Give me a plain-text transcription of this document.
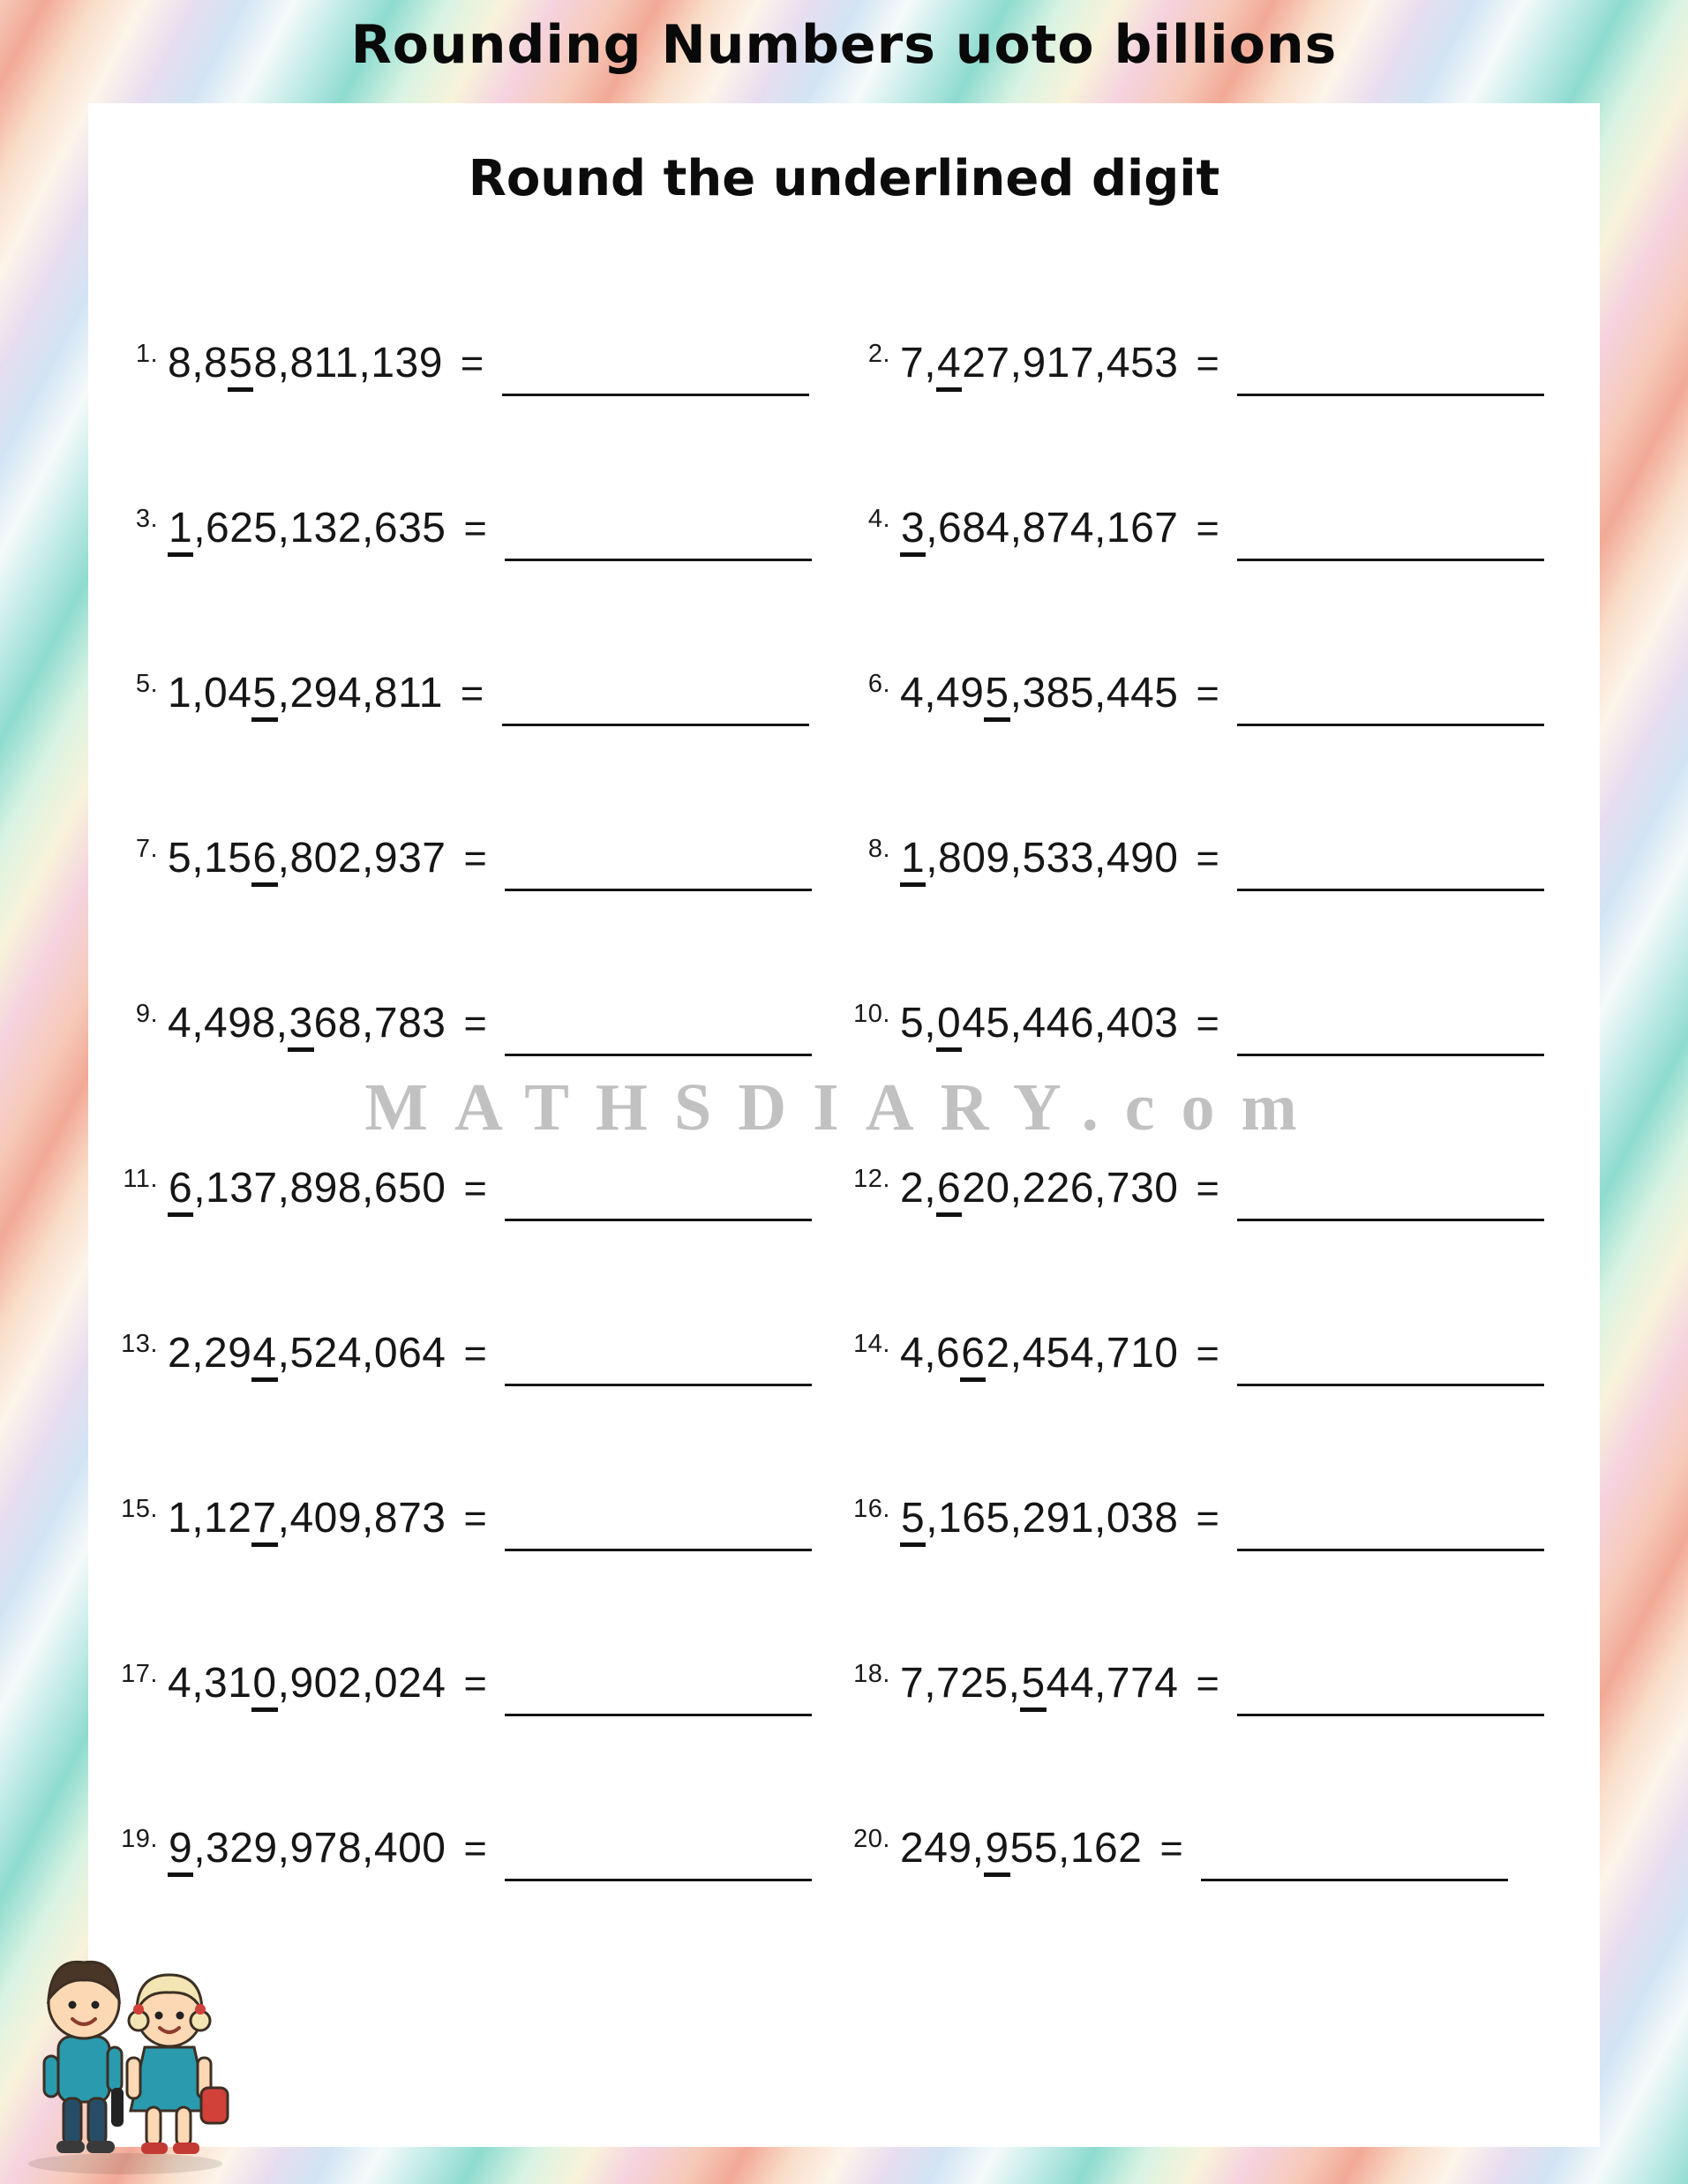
Rounding Numbers uoto billions
Round the underlined digit
MATHSDIARY.com
1. 8,858,811,139 =	2. 7,427,917,453 =
3. 1,625,132,635 =	4. 3,684,874,167 =
5. 1,045,294,811 =	6. 4,495,385,445 =
7. 5,156,802,937 =	8. 1,809,533,490 =
9. 4,498,368,783 =	10. 5,045,446,403 =
11. 6,137,898,650 =	12. 2,620,226,730 =
13. 2,294,524,064 =	14. 4,662,454,710 =
15. 1,127,409,873 =	16. 5,165,291,038 =
17. 4,310,902,024 =	18. 7,725,544,774 =
19. 9,329,978,400 =	20. 249,955,162 =
